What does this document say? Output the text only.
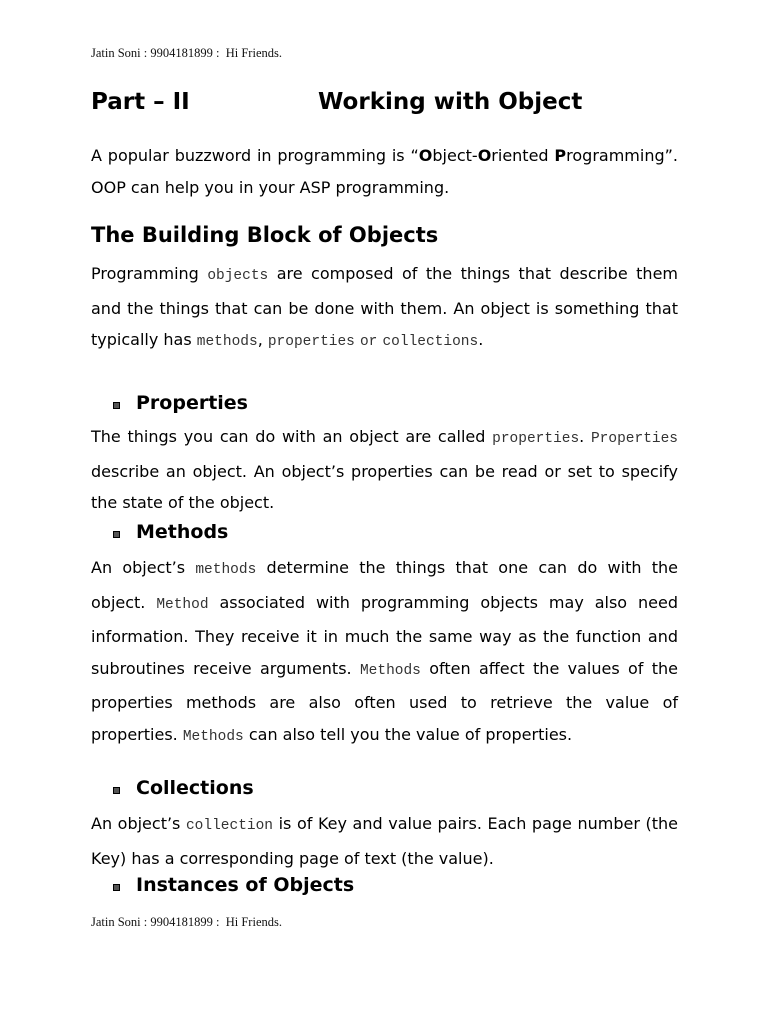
Jatin Soni : 9904181899 :  Hi Friends.
Part – II	Working with Object

A popular buzzword in programming is “Object-Oriented Programming”. OOP can help you in your ASP programming.

The Building Block of Objects

Programming objects are composed of the things that describe them and the things that can be done with them. An object is something that typically has methods, properties or collections.

Properties

The things you can do with an object are called properties. Properties describe an object. An object’s properties can be read or set to specify the state of the object.

Methods

An object’s methods determine the things that one can do with the object. Method associated with programming objects may also need information. They receive it in much the same way as the function and subroutines receive arguments. Methods often affect the values of the properties methods are also often used to retrieve the value of properties. Methods can also tell you the value of properties.

Collections

An object’s collection is of Key and value pairs. Each page number (the Key) has a corresponding page of text (the value).

Instances of Objects
Jatin Soni : 9904181899 :  Hi Friends.
